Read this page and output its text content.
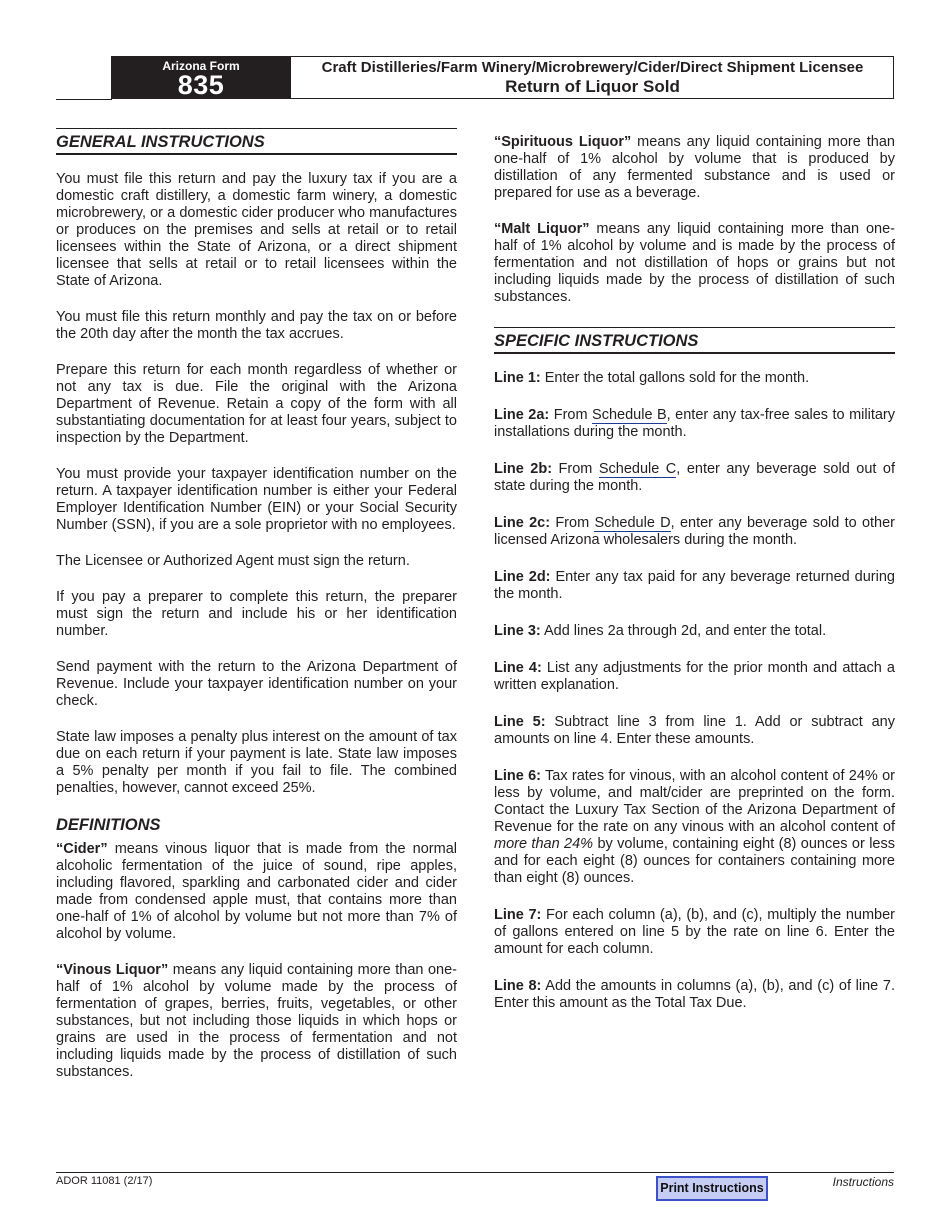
Arizona Form
835
Craft Distilleries/Farm Winery/Microbrewery/Cider/Direct Shipment Licensee
Return of Liquor Sold
GENERAL INSTRUCTIONS

You must file this return and pay the luxury tax if you are a domestic craft distillery, a domestic farm winery, a domestic microbrewery, or a domestic cider producer who manufactures or produces on the premises and sells at retail or to retail licensees within the State of Arizona, or a direct shipment licensee that sells at retail or to retail licensees within the State of Arizona.

You must file this return monthly and pay the tax on or before the 20th day after the month the tax accrues.

Prepare this return for each month regardless of whether or not any tax is due. File the original with the Arizona Department of Revenue. Retain a copy of the form with all substantiating documentation for at least four years, subject to inspection by the Department.

You must provide your taxpayer identification number on the return. A taxpayer identification number is either your Federal Employer Identification Number (EIN) or your Social Security Number (SSN), if you are a sole proprietor with no employees.

The Licensee or Authorized Agent must sign the return.

If you pay a preparer to complete this return, the preparer must sign the return and include his or her identification number.

Send payment with the return to the Arizona Department of Revenue. Include your taxpayer identification number on your check.

State law imposes a penalty plus interest on the amount of tax due on each return if your payment is late. State law imposes a 5% penalty per month if you fail to file. The combined penalties, however, cannot exceed 25%.

DEFINITIONS

“Cider” means vinous liquor that is made from the normal alcoholic fermentation of the juice of sound, ripe apples, including flavored, sparkling and carbonated cider and cider made from condensed apple must, that contains more than one-half of 1% of alcohol by volume but not more than 7% of alcohol by volume.

“Vinous Liquor” means any liquid containing more than one-half of 1% alcohol by volume made by the process of fermentation of grapes, berries, fruits, vegetables, or other substances, but not including those liquids in which hops or grains are used in the process of fermentation and not including liquids made by the process of distillation of such substances.

“Spirituous Liquor” means any liquid containing more than one-half of 1% alcohol by volume that is produced by distillation of any fermented substance and is used or prepared for use as a beverage.

“Malt Liquor” means any liquid containing more than one-half of 1% alcohol by volume and is made by the process of fermentation and not distillation of hops or grains but not including liquids made by the process of distillation of such substances.

SPECIFIC INSTRUCTIONS

Line 1: Enter the total gallons sold for the month.

Line 2a: From Schedule B, enter any tax-free sales to military installations during the month.

Line 2b: From Schedule C, enter any beverage sold out of state during the month.

Line 2c: From Schedule D, enter any beverage sold to other licensed Arizona wholesalers during the month.

Line 2d: Enter any tax paid for any beverage returned during the month.

Line 3: Add lines 2a through 2d, and enter the total.

Line 4: List any adjustments for the prior month and attach a written explanation.

Line 5: Subtract line 3 from line 1. Add or subtract any amounts on line 4. Enter these amounts.

Line 6: Tax rates for vinous, with an alcohol content of 24% or less by volume, and malt/cider are preprinted on the form. Contact the Luxury Tax Section of the Arizona Department of Revenue for the rate on any vinous with an alcohol content of more than 24% by volume, containing eight (8) ounces or less and for each eight (8) ounces for containers containing more than eight (8) ounces.

Line 7: For each column (a), (b), and (c), multiply the number of gallons entered on line 5 by the rate on line 6. Enter the amount for each column.

Line 8: Add the amounts in columns (a), (b), and (c) of line 7. Enter this amount as the Total Tax Due.

ADOR 11081 (2/17)	Print Instructions	Instructions
